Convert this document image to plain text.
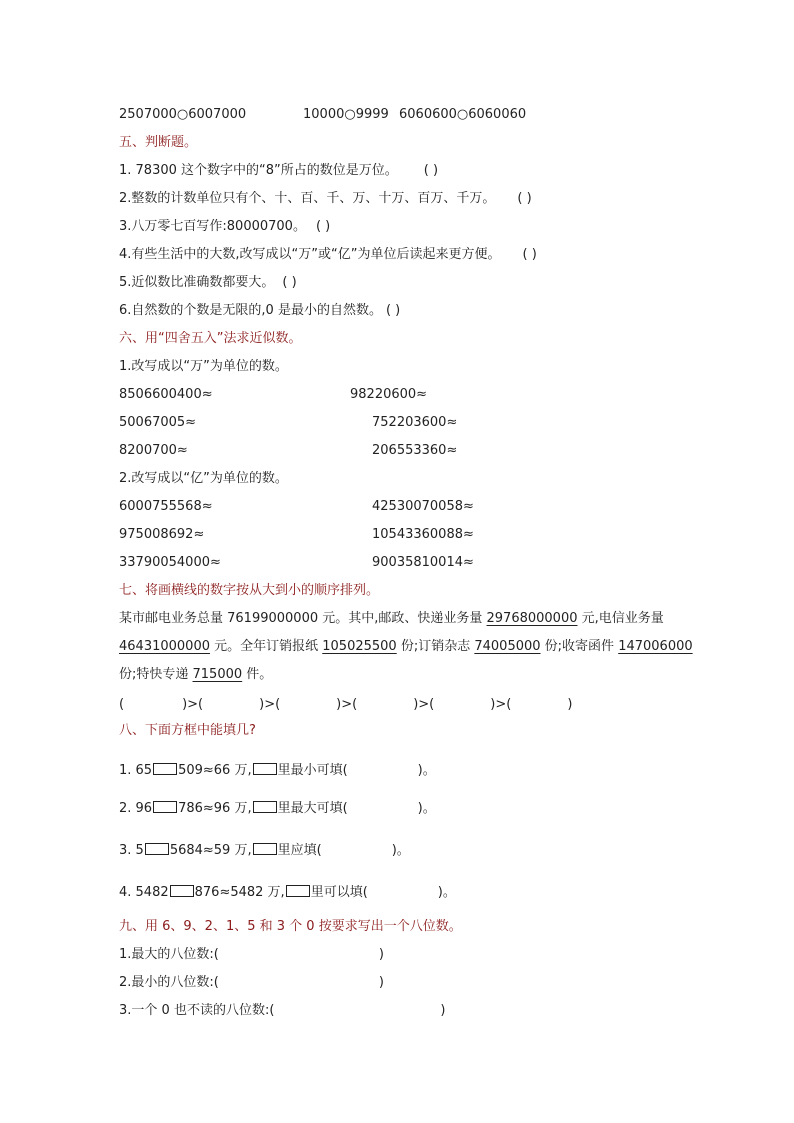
2507000○6007000	10000○9999 6060600○6060060
五、判断题。
1. 78300 这个数字中的“8”所占的数位是万位。 ( )
2.整数的计数单位只有个、十、百、千、万、十万、百万、千万。 ( )
3.八万零七百写作:80000700。 ( )
4.有些生活中的大数,改写成以“万”或“亿”为单位后读起来更方便。 ( )
5.近似数比准确数都要大。 ( )
6.自然数的个数是无限的,0 是最小的自然数。 ( )
六、用“四舍五入”法求近似数。
1.改写成以“万”为单位的数。
8506600400≈	98220600≈
50067005≈	752203600≈
8200700≈	206553360≈
2.改写成以“亿”为单位的数。
6000755568≈	42530070058≈
975008692≈	10543360088≈
33790054000≈	90035810014≈
七、将画横线的数字按从大到小的顺序排列。
某市邮电业务总量 76199000000 元。其中,邮政、快递业务量 29768000000 元,电信业务量
46431000000 元。全年订销报纸 105025500 份;订销杂志 74005000 份;收寄函件 147006000
份;特快专递 715000 件。
(	)>(	)>(	)>(	)>(	)>(	)
八、下面方框中能填几?
1. 65 509≈66 万, 里最小可填(	)。
2. 96 786≈96 万, 里最大可填(	)。
3. 5 5684≈59 万, 里应填(	)。
4. 5482 876≈5482 万, 里可以填(	)。
九、用 6、9、2、1、5 和 3 个 0 按要求写出一个八位数。
1.最大的八位数:(	)
2.最小的八位数:(	)
3.一个 0 也不读的八位数:(	)
